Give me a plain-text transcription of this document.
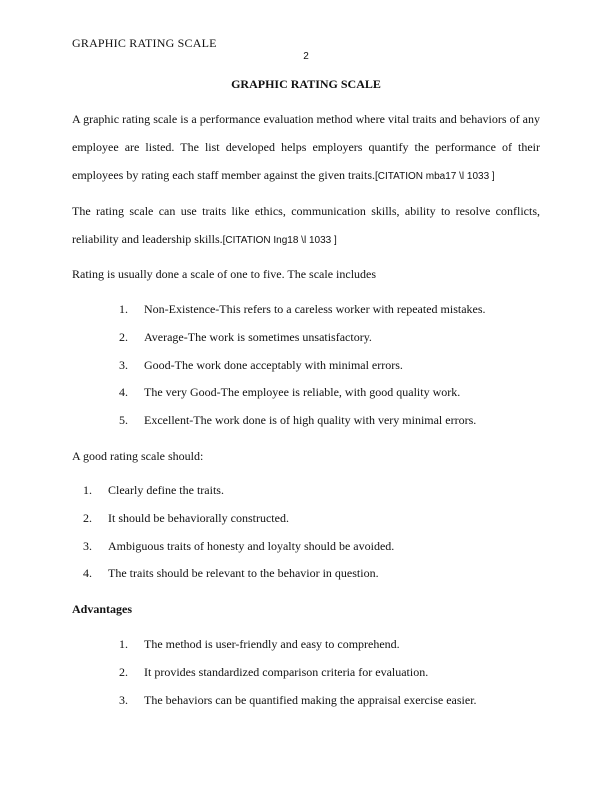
GRAPHIC RATING SCALE
2
GRAPHIC RATING SCALE

A graphic rating scale is a performance evaluation method where vital traits and behaviors of any employee are listed. The list developed helps employers quantify the performance of their employees by rating each staff member against the given traits.[CITATION mba17 \l 1033 ]

The rating scale can use traits like ethics, communication skills, ability to resolve conflicts, reliability and leadership skills.[CITATION Ing18 \l 1033 ]

Rating is usually done a scale of one to five. The scale includes

1. Non-Existence-This refers to a careless worker with repeated mistakes.
2. Average-The work is sometimes unsatisfactory.
3. Good-The work done acceptably with minimal errors.
4. The very Good-The employee is reliable, with good quality work.
5. Excellent-The work done is of high quality with very minimal errors.
A good rating scale should:
1. Clearly define the traits.
2. It should be behaviorally constructed.
3. Ambiguous traits of honesty and loyalty should be avoided.
4. The traits should be relevant to the behavior in question.
Advantages
1. The method is user-friendly and easy to comprehend.
2. It provides standardized comparison criteria for evaluation.
3. The behaviors can be quantified making the appraisal exercise easier.
